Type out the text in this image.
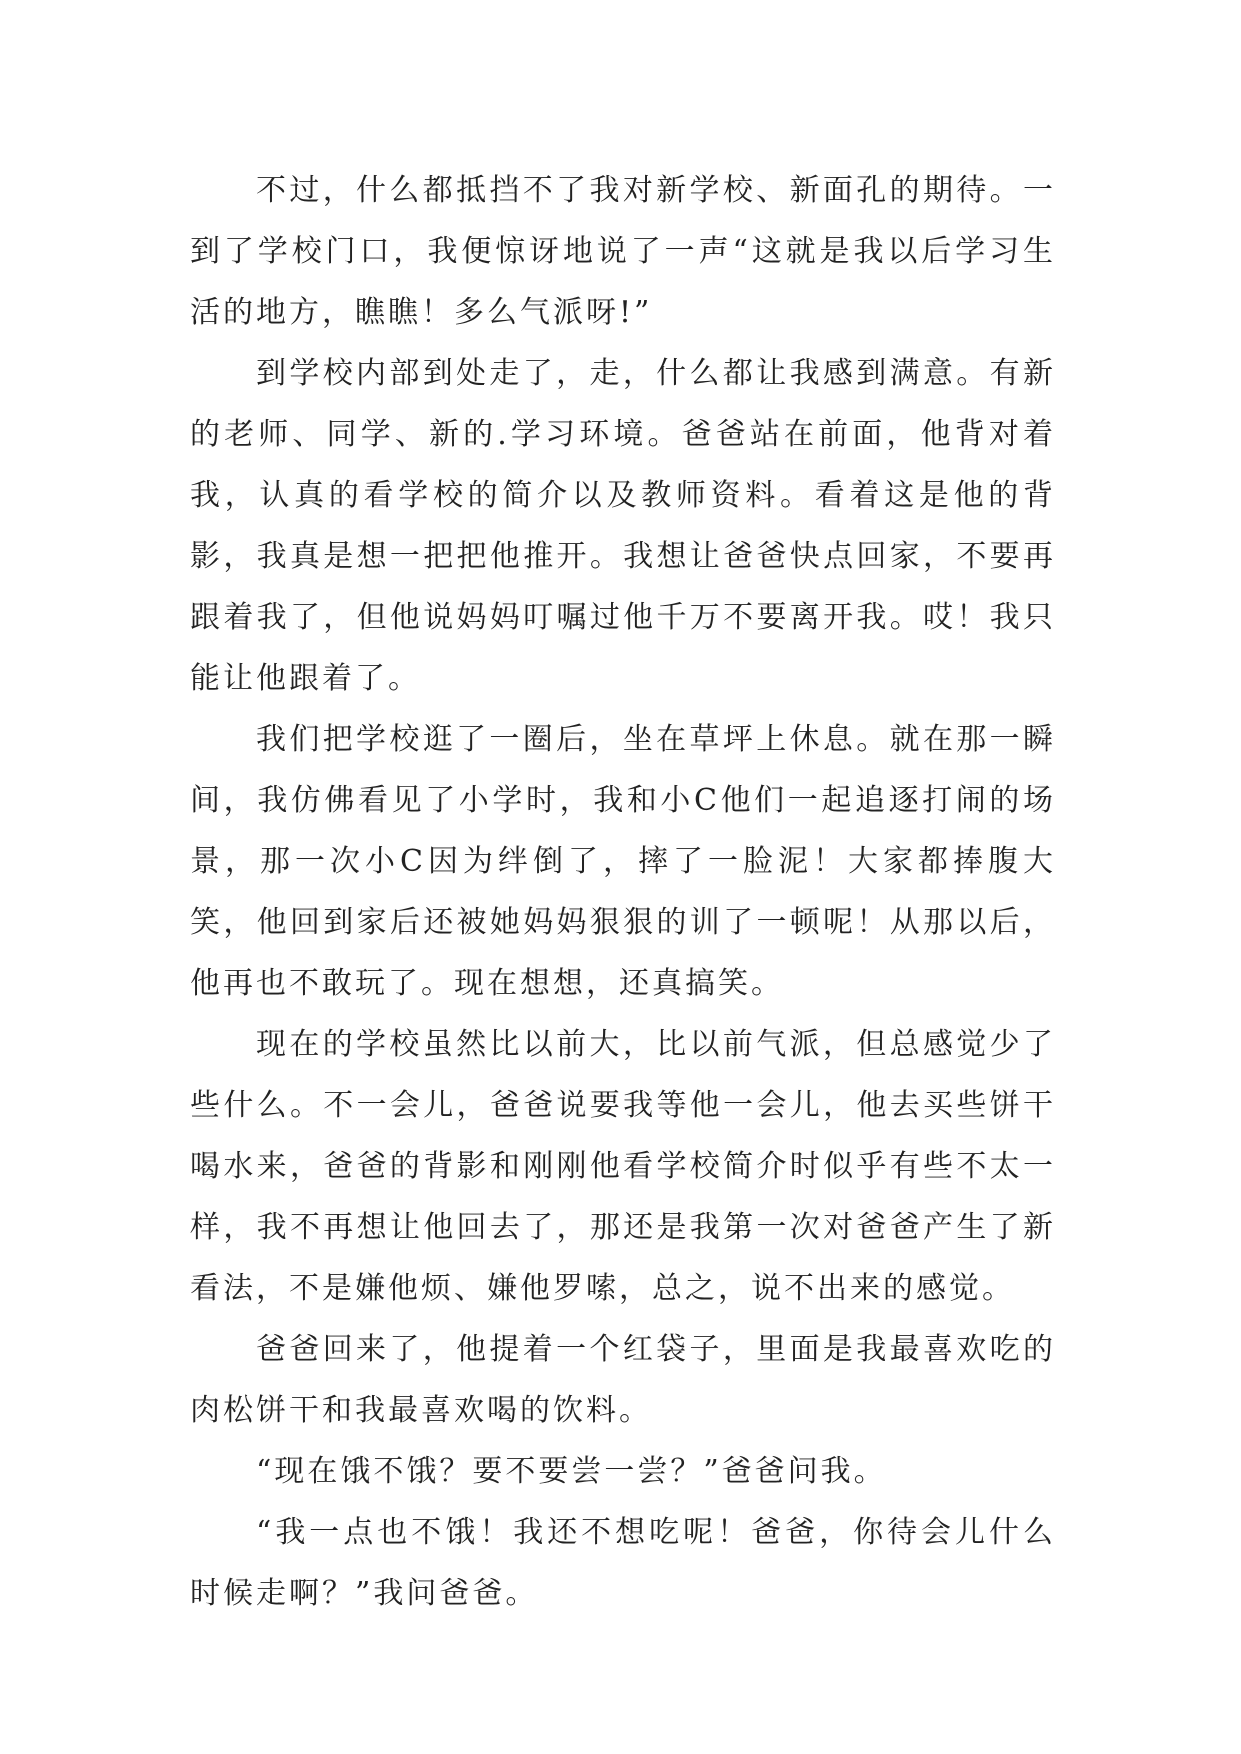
不过，什么都抵挡不了我对新学校、新面孔的期待。一到了学校门口，我便惊讶地说了一声“这就是我以后学习生活的地方，瞧瞧！多么气派呀!”

到学校内部到处走了，走，什么都让我感到满意。有新的老师、同学、新的.学习环境。爸爸站在前面，他背对着我，认真的看学校的简介以及教师资料。看着这是他的背影，我真是想一把把他推开。我想让爸爸快点回家，不要再跟着我了，但他说妈妈叮嘱过他千万不要离开我。哎！我只能让他跟着了。

我们把学校逛了一圈后，坐在草坪上休息。就在那一瞬间，我仿佛看见了小学时，我和小C他们一起追逐打闹的场景，那一次小C因为绊倒了，摔了一脸泥！大家都捧腹大笑，他回到家后还被她妈妈狠狠的训了一顿呢！从那以后，他再也不敢玩了。现在想想，还真搞笑。

现在的学校虽然比以前大，比以前气派，但总感觉少了些什么。不一会儿，爸爸说要我等他一会儿，他去买些饼干喝水来，爸爸的背影和刚刚他看学校简介时似乎有些不太一样，我不再想让他回去了，那还是我第一次对爸爸产生了新看法，不是嫌他烦、嫌他罗嗦，总之，说不出来的感觉。

爸爸回来了，他提着一个红袋子，里面是我最喜欢吃的肉松饼干和我最喜欢喝的饮料。

“现在饿不饿？要不要尝一尝？”爸爸问我。

“我一点也不饿！我还不想吃呢！爸爸，你待会儿什么时候走啊？”我问爸爸。
